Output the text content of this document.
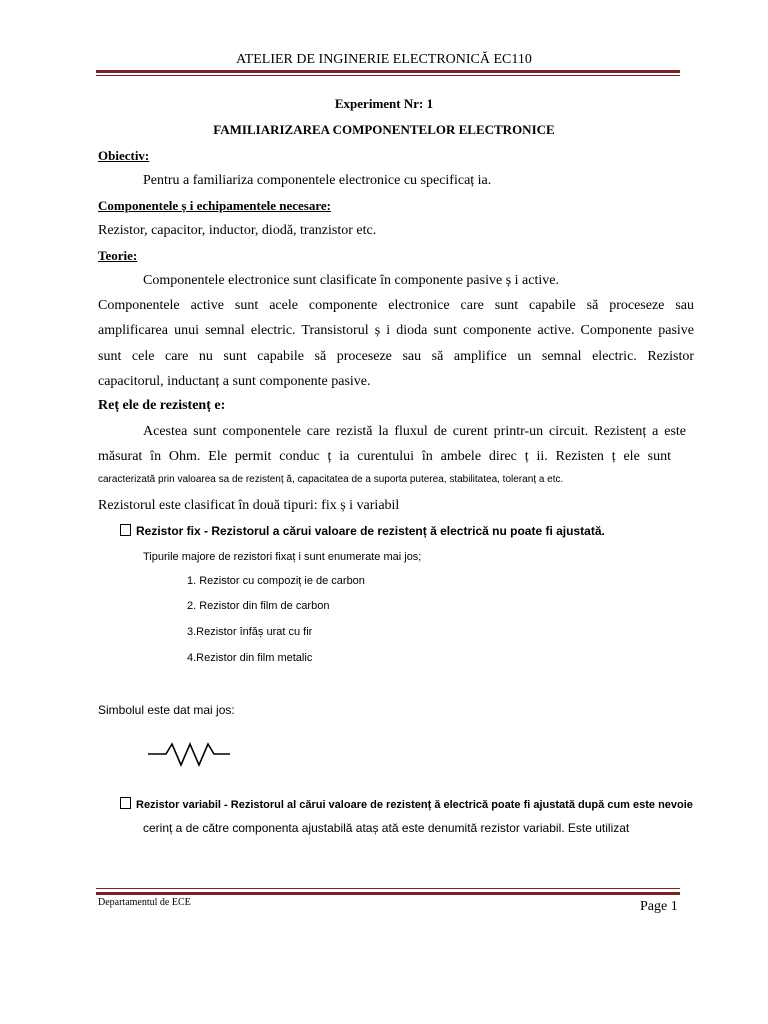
ATELIER DE INGINERIE ELECTRONICĂ EC110
Experiment Nr: 1
FAMILIARIZAREA COMPONENTELOR ELECTRONICE
Obiectiv:
Pentru a familiariza componentele electronice cu specificaț ia.
Componentele ș i echipamentele necesare:
Rezistor, capacitor, inductor, diodă, tranzistor etc.
Teorie:
Componentele electronice sunt clasificate în componente pasive ș i active.
Componentele active sunt acele componente electronice care sunt capabile să proceseze sau
amplificarea unui semnal electric. Transistorul ș i dioda sunt componente active. Componente pasive
sunt cele care nu sunt capabile să proceseze sau să amplifice un semnal electric. Rezistor
capacitorul, inductanț a sunt componente pasive.
Reț ele de rezistenț e:
Acestea sunt componentele care rezistă la fluxul de curent printr-un circuit. Rezistenț a este
măsurat în Ohm. Ele permit conduc ț ia curentului în ambele direc ț ii. Rezisten ț ele sunt
caracterizată prin valoarea sa de rezistenț ă, capacitatea de a suporta puterea, stabilitatea, toleranț a etc.
Rezistorul este clasificat în două tipuri: fix ș i variabil
Rezistor fix - Rezistorul a cărui valoare de rezistenț ă electrică nu poate fi ajustată.
Tipurile majore de rezistori fixaț i sunt enumerate mai jos;
1. Rezistor cu compoziț ie de carbon
2. Rezistor din film de carbon
3.Rezistor înfăș urat cu fir
4.Rezistor din film metalic
Simbolul este dat mai jos:
Rezistor variabil - Rezistorul al cărui valoare de rezistenț ă electrică poate fi ajustată după cum este nevoie
cerinț a de către componenta ajustabilă ataș ată este denumită rezistor variabil. Este utilizat
Departamentul de ECE	Page 1
